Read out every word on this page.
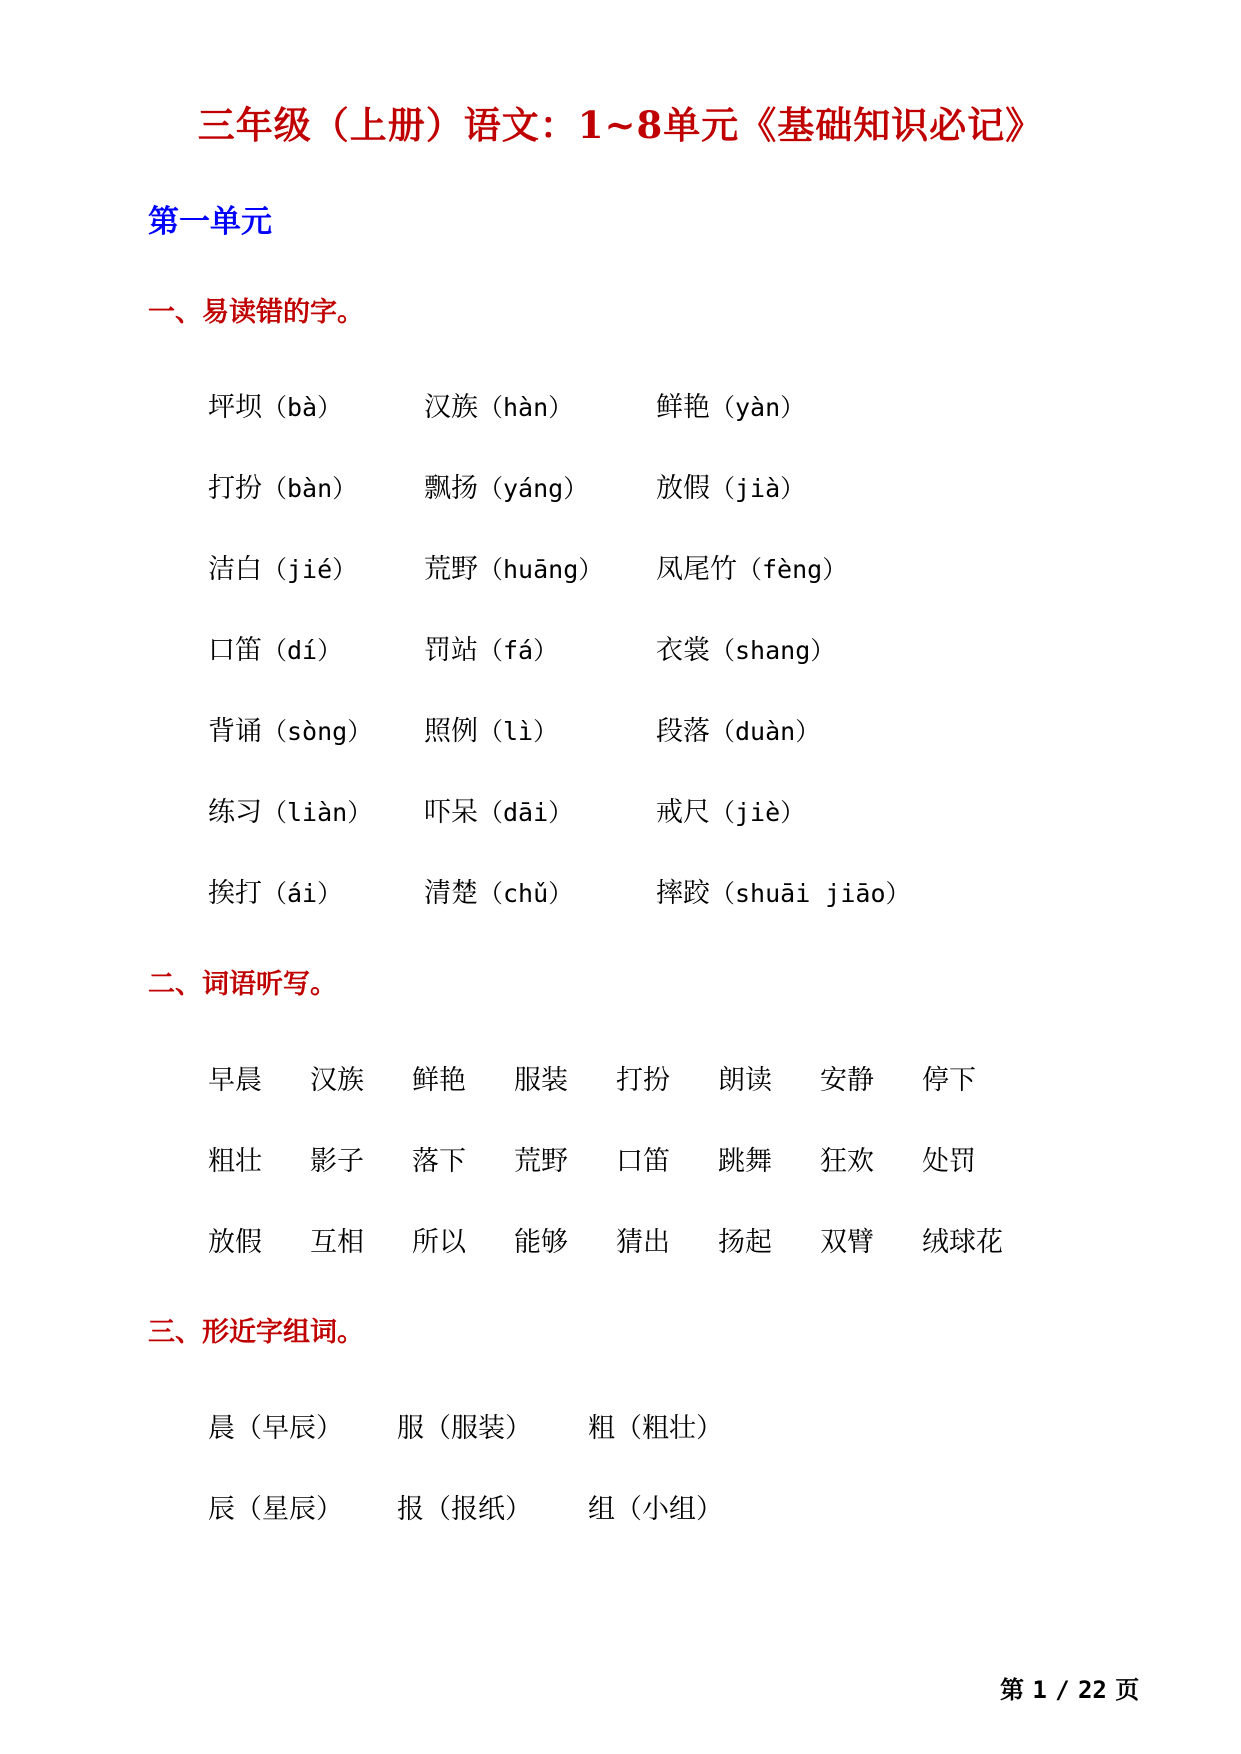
三年级（上册）语文：1~8单元《基础知识必记》
第一单元
一、易读错的字。
坪坝（bà）	汉族（hàn）	鲜艳（yàn）
打扮（bàn） 飘扬（yáng）	放假（jià）
洁白（jié） 荒野（huāng） 凤尾竹（fèng）
口笛（dí）	罚站（fá）	衣裳（shang）
背诵（sòng） 照例（lì）	段落（duàn）
练习（liàn） 吓呆（dāi）	戒尺（jiè）
挨打（ái）	清楚（chǔ）	摔跤（shuāi jiāo）
二、词语听写。
早晨 汉族 鲜艳 服装 打扮 朗读 安静 停下
粗壮 影子 落下 荒野 口笛 跳舞 狂欢 处罚
放假 互相 所以 能够 猜出 扬起 双臂 绒球花
三、形近字组词。
晨（早辰） 服（服装） 粗（粗壮）
辰（星辰） 报（报纸） 组（小组）
第 1 / 22 页
